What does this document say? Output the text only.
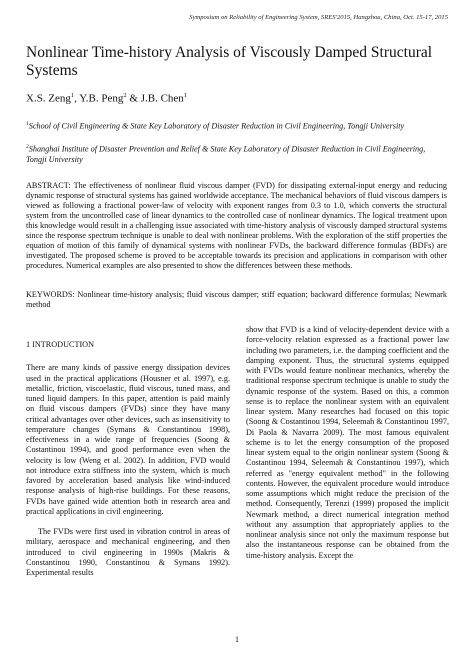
Symposium on Reliability of Engineering System, SRES'2015, Hangzhou, China, Oct. 15-17, 2015
Nonlinear Time-history Analysis of Viscously Damped Structural Systems
X.S. Zeng$^1$, Y.B. Peng$^2$ & J.B. Chen$^1$
$^1$School of Civil Engineering & State Key Laboratory of Disaster Reduction in Civil Engineering, Tongji University
$^2$Shanghai Institute of Disaster Prevention and Relief & State Key Laboratory of Disaster Reduction in Civil Engineering, Tongji University

ABSTRACT: The effectiveness of nonlinear fluid viscous damper (FVD) for dissipating external-input energy and reducing dynamic response of structural systems has gained worldwide acceptance. The mechanical behaviors of fluid viscous dampers is viewed as following a fractional power-law of velocity with exponent ranges from 0.3 to 1.0, which converts the structural system from the uncontrolled case of linear dynamics to the controlled case of nonlinear dynamics. The logical treatment upon this knowledge would result in a challenging issue associated with time-history analysis of viscously damped structural systems since the response spectrum technique is unable to deal with nonlinear problems. With the exploration of the stiff properties the equation of motion of this family of dynamical systems with nonlinear FVDs, the backward difference formulas (BDFs) are investigated. The proposed scheme is proved to be acceptable towards its precision and applications in comparison with other procedures. Numerical examples are also presented to show the differences between these methods.

KEYWORDS: Nonlinear time-history analysis; fluid viscous damper; stiff equation; backward difference formulas; Newmark method

1 INTRODUCTION

There are many kinds of passive energy dissipation devices used in the practical applications (Housner et al. 1997), e.g. metallic, friction, viscoelastic, fluid viscous, tuned mass, and tuned liquid dampers. In this paper, attention is paid mainly on fluid viscous dampers (FVDs) since they have many critical advantages over other devices, such as insensitivity to temperature changes (Symans & Constantinou 1998), effectiveness in a wide range of frequencies (Soong & Costantinou 1994), and good performance even when the velocity is low (Weng et al. 2002). In addition, FVD would not introduce extra stiffness into the system, which is much favored by acceleration based analysis like wind-induced response analysis of high-rise buildings. For these reasons, FVDs have gained wide attention both in research area and practical applications in civil engineering.

The FVDs were first used in vibration control in areas of military, aerospace and mechanical engineering, and then introduced to civil engineering in 1990s (Makris & Constantinou 1990, Constantinou & Symans 1992). Experimental results

show that FVD is a kind of velocity-dependent device with a force-velocity relation expressed as a fractional power law including two parameters, i.e. the damping coefficient and the damping exponent. Thus, the structural systems equipped with FVDs would feature nonlinear mechanics, whereby the traditional response spectrum technique is unable to study the dynamic response of the system. Based on this, a common sense is to replace the nonlinear system with an equivalent linear system. Many researches had focused on this topic (Soong & Costantinou 1994, Seleemah & Constantinou 1997, Di Paola & Navarra 2009). The most famous equivalent scheme is to let the energy consumption of the proposed linear system equal to the origin nonlinear system (Soong & Costantinou 1994, Seleemah & Constantinou 1997), which referred as "energy equivalent method" in the following contents. However, the equivalent procedure would introduce some assumptions which might reduce the precision of the method. Consequently, Terenzi (1999) proposed the implicit Newmark method, a direct numerical integration method without any assumption that appropriately applies to the nonlinear analysis since not only the maximum response but also the instantaneous response can be obtained from the time-history analysis. Except the

1
